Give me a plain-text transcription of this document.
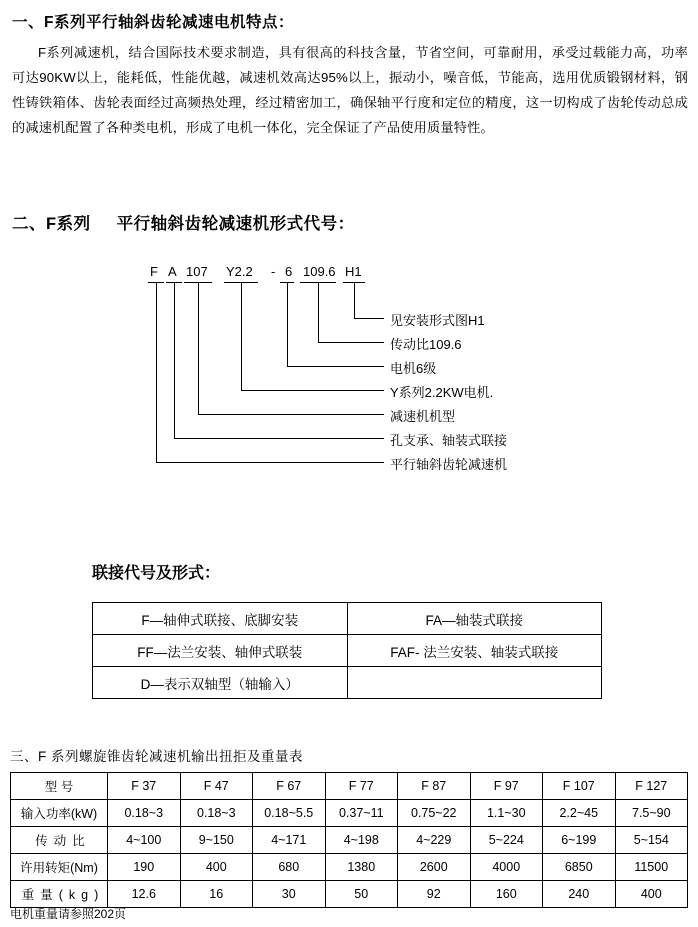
一、F系列平行轴斜齿轮减速电机特点：
F系列减速机，结合国际技术要求制造，具有很高的科技含量，节省空间，可靠耐用，承受过载能力高，功率可达90KW以上，能耗低，性能优越，减速机效高达95%以上，振动小，噪音低，节能高，选用优质锻钢材料，钢性铸铁箱体、齿轮表面经过高频热处理，经过精密加工，确保轴平行度和定位的精度，这一切构成了齿轮传动总成的减速机配置了各种类电机，形成了电机一体化，完全保证了产品使用质量特性。
二、F系列 平行轴斜齿轮减速机形式代号：
F A 107 Y2.2 - 6 109.6 H1
见安装形式图H1
传动比109.6
电机6级
Y系列2.2KW电机.
减速机机型
孔支承、轴装式联接
平行轴斜齿轮减速机
联接代号及形式：
F—轴伸式联接、底脚安装	FA—轴装式联接
FF—法兰安装、轴伸式联装	FAF- 法兰安装、轴装式联接
D—表示双轴型（轴输入）	
三、F 系列螺旋锥齿轮减速机输出扭拒及重量表
型 号	F 37	F 47	F 67	F 77	F 87	F 97	F 107	F 127
输入功率(kW)	0.18~3	0.18~3	0.18~5.5	0.37~11	0.75~22	1.1~30	2.2~45	7.5~90
传动比	4~100	9~150	4~171	4~198	4~229	5~224	6~199	5~154
许用转矩(Nm)	190	400	680	1380	2600	4000	6850	11500
重量(kg)	12.6	16	30	50	92	160	240	400
电机重量请参照202页
